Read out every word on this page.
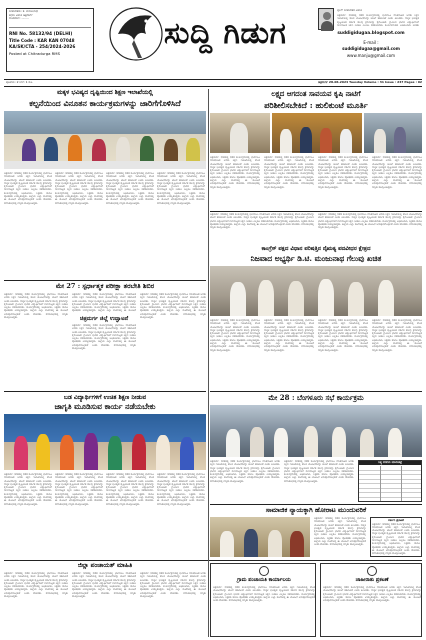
ಸಂಪಾದಕರು: ಕೆ. ಮಂಜುನಾಥ
ಕಛೇರಿ ವಿಳಾಸ ಚಿತ್ರದುರ್ಗ
ದೂರವಾಣಿ: ........
RNI No. 58132/94 (DELHI)
Title Code : KAR KAN 07048
KA/SK/CTA - 254/2024-2026
Posted at Chitradurga RMS
ಸುದ್ದಿ ಗಿಡುಗ
ಬ್ಲಾಗ್ ಸಂಪಾದಕರ ವಿಳಾಸ
ಚಿತ್ರದುರ್ಗ: ನಗರದಲ್ಲಿ ನಡೆದ ಕಾರ್ಯಕ್ರಮದಲ್ಲಿ ಭಾಗವಹಿಸಿ ಮಾತನಾಡಿದ ಅವರು ಶಿಕ್ಷಣ ಇಲಾಖೆಯಲ್ಲಿ ಹೊಸ ಯೋಜನೆಗಳನ್ನು ಜಾರಿಗೆ ತರಲಾಗಿದೆ ಎಂದು ತಿಳಿಸಿದರು. ಮಕ್ಕಳ ಭವಿಷ್ಯದ ದೃಷ್ಟಿಯಿಂದ ಸರ್ಕಾರ ಹಲವು ಕ್ರಮಗಳನ್ನು ಕೈಗೊಂಡಿದೆ. ಗ್ರಾಮೀಣ ಭಾಗದ ವಿದ್ಯಾರ್ಥಿಗಳಿಗೆ ಗುಣಮಟ್ಟದ ಶಿಕ್ಷಣ ನೀಡಲು ಎಲ್ಲರೂ ಸಹಕರಿಸಬೇಕು. ಕಾರ್ಯಕ್ರಮದಲ್ಲಿ ಅಧಿಕಾರಿಗಳು, ಶಿಕ್ಷಕರು
suddigidugaa.blogspot.com
E-mail :
suddigidugaa@gmail.com
www.manju@gmail.com
ಪುಟಗಳು: 2 ಬೆಲೆ: 1 ರೂ.	ಚಿತ್ರದುರ್ಗ 28-06-2024 Tuesday Volume : 31 Issue : 247 Pages : 02
ಮಕ್ಕಳ ಭವಿಷ್ಯದ ದೃಷ್ಟಿಯಿಂದ ಶಿಕ್ಷಣ ಇಲಾಖೆಯಲ್ಲಿ
ಕಲ್ಪನೆಯಿಂದ ವಿನೂತನ ಕಾರ್ಯಕ್ರಮಗಳನ್ನು ಜಾರಿಗೆಗೊಳಿಸಿದೆ
ಚಿತ್ರದುರ್ಗ: ನಗರದಲ್ಲಿ ನಡೆದ ಕಾರ್ಯಕ್ರಮದಲ್ಲಿ ಭಾಗವಹಿಸಿ ಮಾತನಾಡಿದ ಅವರು ಶಿಕ್ಷಣ ಇಲಾಖೆಯಲ್ಲಿ ಹೊಸ ಯೋಜನೆಗಳನ್ನು ಜಾರಿಗೆ ತರಲಾಗಿದೆ ಎಂದು ತಿಳಿಸಿದರು. ಮಕ್ಕಳ ಭವಿಷ್ಯದ ದೃಷ್ಟಿಯಿಂದ ಸರ್ಕಾರ ಹಲವು ಕ್ರಮಗಳನ್ನು ಕೈಗೊಂಡಿದೆ. ಗ್ರಾಮೀಣ ಭಾಗದ ವಿದ್ಯಾರ್ಥಿಗಳಿಗೆ ಗುಣಮಟ್ಟದ ಶಿಕ್ಷಣ ನೀಡಲು ಎಲ್ಲರೂ ಸಹಕರಿಸಬೇಕು. ಕಾರ್ಯಕ್ರಮದಲ್ಲಿ ಅಧಿಕಾರಿಗಳು, ಶಿಕ್ಷಕರು ಹಾಗೂ ಪೋಷಕರು ಉಪಸ್ಥಿತರಿದ್ದರು. ಜಿಲ್ಲೆಯ ಎಲ್ಲಾ ಶಾಲೆಗಳಲ್ಲಿ ಈ ಯೋಜನೆ ಅನುಷ್ಠಾನಗೊಳ್ಳಲಿದೆ ಎಂದು ಹೇಳಿದರು. ಸಮಾರಂಭದಲ್ಲಿ ಗಣ್ಯರು ಪಾಲ್ಗೊಂಡಿದ್ದರು.
ಚಿತ್ರದುರ್ಗ: ನಗರದಲ್ಲಿ ನಡೆದ ಕಾರ್ಯಕ್ರಮದಲ್ಲಿ ಭಾಗವಹಿಸಿ ಮಾತನಾಡಿದ ಅವರು ಶಿಕ್ಷಣ ಇಲಾಖೆಯಲ್ಲಿ ಹೊಸ ಯೋಜನೆಗಳನ್ನು ಜಾರಿಗೆ ತರಲಾಗಿದೆ ಎಂದು ತಿಳಿಸಿದರು. ಮಕ್ಕಳ ಭವಿಷ್ಯದ ದೃಷ್ಟಿಯಿಂದ ಸರ್ಕಾರ ಹಲವು ಕ್ರಮಗಳನ್ನು ಕೈಗೊಂಡಿದೆ. ಗ್ರಾಮೀಣ ಭಾಗದ ವಿದ್ಯಾರ್ಥಿಗಳಿಗೆ ಗುಣಮಟ್ಟದ ಶಿಕ್ಷಣ ನೀಡಲು ಎಲ್ಲರೂ ಸಹಕರಿಸಬೇಕು. ಕಾರ್ಯಕ್ರಮದಲ್ಲಿ ಅಧಿಕಾರಿಗಳು, ಶಿಕ್ಷಕರು ಹಾಗೂ ಪೋಷಕರು ಉಪಸ್ಥಿತರಿದ್ದರು. ಜಿಲ್ಲೆಯ ಎಲ್ಲಾ ಶಾಲೆಗಳಲ್ಲಿ ಈ ಯೋಜನೆ ಅನುಷ್ಠಾನಗೊಳ್ಳಲಿದೆ ಎಂದು ಹೇಳಿದರು. ಸಮಾರಂಭದಲ್ಲಿ ಗಣ್ಯರು ಪಾಲ್ಗೊಂಡಿದ್ದರು.
ಚಿತ್ರದುರ್ಗ: ನಗರದಲ್ಲಿ ನಡೆದ ಕಾರ್ಯಕ್ರಮದಲ್ಲಿ ಭಾಗವಹಿಸಿ ಮಾತನಾಡಿದ ಅವರು ಶಿಕ್ಷಣ ಇಲಾಖೆಯಲ್ಲಿ ಹೊಸ ಯೋಜನೆಗಳನ್ನು ಜಾರಿಗೆ ತರಲಾಗಿದೆ ಎಂದು ತಿಳಿಸಿದರು. ಮಕ್ಕಳ ಭವಿಷ್ಯದ ದೃಷ್ಟಿಯಿಂದ ಸರ್ಕಾರ ಹಲವು ಕ್ರಮಗಳನ್ನು ಕೈಗೊಂಡಿದೆ. ಗ್ರಾಮೀಣ ಭಾಗದ ವಿದ್ಯಾರ್ಥಿಗಳಿಗೆ ಗುಣಮಟ್ಟದ ಶಿಕ್ಷಣ ನೀಡಲು ಎಲ್ಲರೂ ಸಹಕರಿಸಬೇಕು. ಕಾರ್ಯಕ್ರಮದಲ್ಲಿ ಅಧಿಕಾರಿಗಳು, ಶಿಕ್ಷಕರು ಹಾಗೂ ಪೋಷಕರು ಉಪಸ್ಥಿತರಿದ್ದರು. ಜಿಲ್ಲೆಯ ಎಲ್ಲಾ ಶಾಲೆಗಳಲ್ಲಿ ಈ ಯೋಜನೆ ಅನುಷ್ಠಾನಗೊಳ್ಳಲಿದೆ ಎಂದು ಹೇಳಿದರು. ಸಮಾರಂಭದಲ್ಲಿ ಗಣ್ಯರು ಪಾಲ್ಗೊಂಡಿದ್ದರು.
ಚಿತ್ರದುರ್ಗ: ನಗರದಲ್ಲಿ ನಡೆದ ಕಾರ್ಯಕ್ರಮದಲ್ಲಿ ಭಾಗವಹಿಸಿ ಮಾತನಾಡಿದ ಅವರು ಶಿಕ್ಷಣ ಇಲಾಖೆಯಲ್ಲಿ ಹೊಸ ಯೋಜನೆಗಳನ್ನು ಜಾರಿಗೆ ತರಲಾಗಿದೆ ಎಂದು ತಿಳಿಸಿದರು. ಮಕ್ಕಳ ಭವಿಷ್ಯದ ದೃಷ್ಟಿಯಿಂದ ಸರ್ಕಾರ ಹಲವು ಕ್ರಮಗಳನ್ನು ಕೈಗೊಂಡಿದೆ. ಗ್ರಾಮೀಣ ಭಾಗದ ವಿದ್ಯಾರ್ಥಿಗಳಿಗೆ ಗುಣಮಟ್ಟದ ಶಿಕ್ಷಣ ನೀಡಲು ಎಲ್ಲರೂ ಸಹಕರಿಸಬೇಕು. ಕಾರ್ಯಕ್ರಮದಲ್ಲಿ ಅಧಿಕಾರಿಗಳು, ಶಿಕ್ಷಕರು ಹಾಗೂ ಪೋಷಕರು ಉಪಸ್ಥಿತರಿದ್ದರು. ಜಿಲ್ಲೆಯ ಎಲ್ಲಾ ಶಾಲೆಗಳಲ್ಲಿ ಈ ಯೋಜನೆ ಅನುಷ್ಠಾನಗೊಳ್ಳಲಿದೆ ಎಂದು ಹೇಳಿದರು. ಸಮಾರಂಭದಲ್ಲಿ ಗಣ್ಯರು ಪಾಲ್ಗೊಂಡಿದ್ದರು.
ಲಕ್ಷ್ಯದ ಆಗದಂತ ಸಾವಯವ ಕೃಷಿ ನಾಟಿಗೆ
ಪರಿಶೀಲಿಸಬೇಕಿದೆ : ಹುಲಿಕುಂಟೆ ಮೂರ್ತಿ
ಚಿತ್ರದುರ್ಗ: ನಗರದಲ್ಲಿ ನಡೆದ ಕಾರ್ಯಕ್ರಮದಲ್ಲಿ ಭಾಗವಹಿಸಿ ಮಾತನಾಡಿದ ಅವರು ಶಿಕ್ಷಣ ಇಲಾಖೆಯಲ್ಲಿ ಹೊಸ ಯೋಜನೆಗಳನ್ನು ಜಾರಿಗೆ ತರಲಾಗಿದೆ ಎಂದು ತಿಳಿಸಿದರು. ಮಕ್ಕಳ ಭವಿಷ್ಯದ ದೃಷ್ಟಿಯಿಂದ ಸರ್ಕಾರ ಹಲವು ಕ್ರಮಗಳನ್ನು ಕೈಗೊಂಡಿದೆ. ಗ್ರಾಮೀಣ ಭಾಗದ ವಿದ್ಯಾರ್ಥಿಗಳಿಗೆ ಗುಣಮಟ್ಟದ ಶಿಕ್ಷಣ ನೀಡಲು ಎಲ್ಲರೂ ಸಹಕರಿಸಬೇಕು. ಕಾರ್ಯಕ್ರಮದಲ್ಲಿ ಅಧಿಕಾರಿಗಳು, ಶಿಕ್ಷಕರು ಹಾಗೂ ಪೋಷಕರು ಉಪಸ್ಥಿತರಿದ್ದರು. ಜಿಲ್ಲೆಯ ಎಲ್ಲಾ ಶಾಲೆಗಳಲ್ಲಿ ಈ ಯೋಜನೆ ಅನುಷ್ಠಾನಗೊಳ್ಳಲಿದೆ ಎಂದು ಹೇಳಿದರು. ಸಮಾರಂಭದಲ್ಲಿ ಗಣ್ಯರು ಪಾಲ್ಗೊಂಡಿದ್ದರು.
ಚಿತ್ರದುರ್ಗ: ನಗರದಲ್ಲಿ ನಡೆದ ಕಾರ್ಯಕ್ರಮದಲ್ಲಿ ಭಾಗವಹಿಸಿ ಮಾತನಾಡಿದ ಅವರು ಶಿಕ್ಷಣ ಇಲಾಖೆಯಲ್ಲಿ ಹೊಸ ಯೋಜನೆಗಳನ್ನು ಜಾರಿಗೆ ತರಲಾಗಿದೆ ಎಂದು ತಿಳಿಸಿದರು. ಮಕ್ಕಳ ಭವಿಷ್ಯದ ದೃಷ್ಟಿಯಿಂದ ಸರ್ಕಾರ ಹಲವು ಕ್ರಮಗಳನ್ನು ಕೈಗೊಂಡಿದೆ. ಗ್ರಾಮೀಣ ಭಾಗದ ವಿದ್ಯಾರ್ಥಿಗಳಿಗೆ ಗುಣಮಟ್ಟದ ಶಿಕ್ಷಣ ನೀಡಲು ಎಲ್ಲರೂ ಸಹಕರಿಸಬೇಕು. ಕಾರ್ಯಕ್ರಮದಲ್ಲಿ ಅಧಿಕಾರಿಗಳು, ಶಿಕ್ಷಕರು ಹಾಗೂ ಪೋಷಕರು ಉಪಸ್ಥಿತರಿದ್ದರು. ಜಿಲ್ಲೆಯ ಎಲ್ಲಾ ಶಾಲೆಗಳಲ್ಲಿ ಈ ಯೋಜನೆ ಅನುಷ್ಠಾನಗೊಳ್ಳಲಿದೆ ಎಂದು ಹೇಳಿದರು. ಸಮಾರಂಭದಲ್ಲಿ ಗಣ್ಯರು ಪಾಲ್ಗೊಂಡಿದ್ದರು.
ಚಿತ್ರದುರ್ಗ: ನಗರದಲ್ಲಿ ನಡೆದ ಕಾರ್ಯಕ್ರಮದಲ್ಲಿ ಭಾಗವಹಿಸಿ ಮಾತನಾಡಿದ ಅವರು ಶಿಕ್ಷಣ ಇಲಾಖೆಯಲ್ಲಿ ಹೊಸ ಯೋಜನೆಗಳನ್ನು ಜಾರಿಗೆ ತರಲಾಗಿದೆ ಎಂದು ತಿಳಿಸಿದರು. ಮಕ್ಕಳ ಭವಿಷ್ಯದ ದೃಷ್ಟಿಯಿಂದ ಸರ್ಕಾರ ಹಲವು ಕ್ರಮಗಳನ್ನು ಕೈಗೊಂಡಿದೆ. ಗ್ರಾಮೀಣ ಭಾಗದ ವಿದ್ಯಾರ್ಥಿಗಳಿಗೆ ಗುಣಮಟ್ಟದ ಶಿಕ್ಷಣ ನೀಡಲು ಎಲ್ಲರೂ ಸಹಕರಿಸಬೇಕು. ಕಾರ್ಯಕ್ರಮದಲ್ಲಿ ಅಧಿಕಾರಿಗಳು, ಶಿಕ್ಷಕರು ಹಾಗೂ ಪೋಷಕರು ಉಪಸ್ಥಿತರಿದ್ದರು. ಜಿಲ್ಲೆಯ ಎಲ್ಲಾ ಶಾಲೆಗಳಲ್ಲಿ ಈ ಯೋಜನೆ ಅನುಷ್ಠಾನಗೊಳ್ಳಲಿದೆ ಎಂದು ಹೇಳಿದರು. ಸಮಾರಂಭದಲ್ಲಿ ಗಣ್ಯರು ಪಾಲ್ಗೊಂಡಿದ್ದರು.
ಚಿತ್ರದುರ್ಗ: ನಗರದಲ್ಲಿ ನಡೆದ ಕಾರ್ಯಕ್ರಮದಲ್ಲಿ ಭಾಗವಹಿಸಿ ಮಾತನಾಡಿದ ಅವರು ಶಿಕ್ಷಣ ಇಲಾಖೆಯಲ್ಲಿ ಹೊಸ ಯೋಜನೆಗಳನ್ನು ಜಾರಿಗೆ ತರಲಾಗಿದೆ ಎಂದು ತಿಳಿಸಿದರು. ಮಕ್ಕಳ ಭವಿಷ್ಯದ ದೃಷ್ಟಿಯಿಂದ ಸರ್ಕಾರ ಹಲವು ಕ್ರಮಗಳನ್ನು ಕೈಗೊಂಡಿದೆ. ಗ್ರಾಮೀಣ ಭಾಗದ ವಿದ್ಯಾರ್ಥಿಗಳಿಗೆ ಗುಣಮಟ್ಟದ ಶಿಕ್ಷಣ ನೀಡಲು ಎಲ್ಲರೂ ಸಹಕರಿಸಬೇಕು. ಕಾರ್ಯಕ್ರಮದಲ್ಲಿ ಅಧಿಕಾರಿಗಳು, ಶಿಕ್ಷಕರು ಹಾಗೂ ಪೋಷಕರು ಉಪಸ್ಥಿತರಿದ್ದರು. ಜಿಲ್ಲೆಯ ಎಲ್ಲಾ ಶಾಲೆಗಳಲ್ಲಿ ಈ ಯೋಜನೆ ಅನುಷ್ಠಾನಗೊಳ್ಳಲಿದೆ ಎಂದು ಹೇಳಿದರು. ಸಮಾರಂಭದಲ್ಲಿ ಗಣ್ಯರು ಪಾಲ್ಗೊಂಡಿದ್ದರು.
ಮೇ 27 : ಸ್ಪರ್ಧಾತ್ಮಕ ಪರೀಕ್ಷಾ ತರಬೇತಿ ಶಿಬಿರ
ಚಿತ್ರದುರ್ಗ: ನಗರದಲ್ಲಿ ನಡೆದ ಕಾರ್ಯಕ್ರಮದಲ್ಲಿ ಭಾಗವಹಿಸಿ ಮಾತನಾಡಿದ ಅವರು ಶಿಕ್ಷಣ ಇಲಾಖೆಯಲ್ಲಿ ಹೊಸ ಯೋಜನೆಗಳನ್ನು ಜಾರಿಗೆ ತರಲಾಗಿದೆ ಎಂದು ತಿಳಿಸಿದರು. ಮಕ್ಕಳ ಭವಿಷ್ಯದ ದೃಷ್ಟಿಯಿಂದ ಸರ್ಕಾರ ಹಲವು ಕ್ರಮಗಳನ್ನು ಕೈಗೊಂಡಿದೆ. ಗ್ರಾಮೀಣ ಭಾಗದ ವಿದ್ಯಾರ್ಥಿಗಳಿಗೆ ಗುಣಮಟ್ಟದ ಶಿಕ್ಷಣ ನೀಡಲು ಎಲ್ಲರೂ ಸಹಕರಿಸಬೇಕು. ಕಾರ್ಯಕ್ರಮದಲ್ಲಿ ಅಧಿಕಾರಿಗಳು, ಶಿಕ್ಷಕರು ಹಾಗೂ ಪೋಷಕರು ಉಪಸ್ಥಿತರಿದ್ದರು. ಜಿಲ್ಲೆಯ ಎಲ್ಲಾ ಶಾಲೆಗಳಲ್ಲಿ ಈ ಯೋಜನೆ ಅನುಷ್ಠಾನಗೊಳ್ಳಲಿದೆ ಎಂದು ಹೇಳಿದರು. ಸಮಾರಂಭದಲ್ಲಿ ಗಣ್ಯರು ಪಾಲ್ಗೊಂಡಿದ್ದರು.
ಚಿತ್ರದುರ್ಗ: ನಗರದಲ್ಲಿ ನಡೆದ ಕಾರ್ಯಕ್ರಮದಲ್ಲಿ ಭಾಗವಹಿಸಿ ಮಾತನಾಡಿದ ಅವರು ಶಿಕ್ಷಣ ಇಲಾಖೆಯಲ್ಲಿ ಹೊಸ ಯೋಜನೆಗಳನ್ನು ಜಾರಿಗೆ ತರಲಾಗಿದೆ ಎಂದು ತಿಳಿಸಿದರು. ಮಕ್ಕಳ ಭವಿಷ್ಯದ ದೃಷ್ಟಿಯಿಂದ ಸರ್ಕಾರ ಹಲವು ಕ್ರಮಗಳನ್ನು ಕೈಗೊಂಡಿದೆ. ಗ್ರಾಮೀಣ ಭಾಗದ ವಿದ್ಯಾರ್ಥಿಗಳಿಗೆ ಗುಣಮಟ್ಟದ ಶಿಕ್ಷಣ ನೀಡಲು ಎಲ್ಲರೂ ಸಹಕರಿಸಬೇಕು. ಕಾರ್ಯಕ್ರಮದಲ್ಲಿ ಅಧಿಕಾರಿಗಳು, ಶಿಕ್ಷಕರು ಹಾಗೂ ಪೋಷಕರು ಉಪಸ್ಥಿತರಿದ್ದರು. ಜಿಲ್ಲೆಯ ಎಲ್ಲಾ ಶಾಲೆಗಳಲ್ಲಿ ಈ ಯೋಜನೆ
ಚಿತ್ರದುರ್ಗ ಜಿಲ್ಲೆ ಉದ್ಘಾಟನೆ
ಚಿತ್ರದುರ್ಗ: ನಗರದಲ್ಲಿ ನಡೆದ ಕಾರ್ಯಕ್ರಮದಲ್ಲಿ ಭಾಗವಹಿಸಿ ಮಾತನಾಡಿದ ಅವರು ಶಿಕ್ಷಣ ಇಲಾಖೆಯಲ್ಲಿ ಹೊಸ ಯೋಜನೆಗಳನ್ನು ಜಾರಿಗೆ ತರಲಾಗಿದೆ ಎಂದು ತಿಳಿಸಿದರು. ಮಕ್ಕಳ ಭವಿಷ್ಯದ ದೃಷ್ಟಿಯಿಂದ ಸರ್ಕಾರ ಹಲವು ಕ್ರಮಗಳನ್ನು ಕೈಗೊಂಡಿದೆ. ಗ್ರಾಮೀಣ ಭಾಗದ ವಿದ್ಯಾರ್ಥಿಗಳಿಗೆ ಗುಣಮಟ್ಟದ ಶಿಕ್ಷಣ ನೀಡಲು ಎಲ್ಲರೂ ಸಹಕರಿಸಬೇಕು. ಕಾರ್ಯಕ್ರಮದಲ್ಲಿ ಅಧಿಕಾರಿಗಳು, ಶಿಕ್ಷಕರು ಹಾಗೂ ಪೋಷಕರು ಉಪಸ್ಥಿತರಿದ್ದರು. ಜಿಲ್ಲೆಯ ಎಲ್ಲಾ ಶಾಲೆಗಳಲ್ಲಿ ಈ ಯೋಜನೆ ಅನುಷ್ಠಾನಗೊಳ್ಳಲಿದೆ ಎಂದು ಹೇಳಿದರು. ಸಮಾರಂಭದಲ್ಲಿ ಗಣ್ಯರು ಪಾಲ್ಗೊಂಡಿದ್ದರು.
ಚಿತ್ರದುರ್ಗ: ನಗರದಲ್ಲಿ ನಡೆದ ಕಾರ್ಯಕ್ರಮದಲ್ಲಿ ಭಾಗವಹಿಸಿ ಮಾತನಾಡಿದ ಅವರು ಶಿಕ್ಷಣ ಇಲಾಖೆಯಲ್ಲಿ ಹೊಸ ಯೋಜನೆಗಳನ್ನು ಜಾರಿಗೆ ತರಲಾಗಿದೆ ಎಂದು ತಿಳಿಸಿದರು. ಮಕ್ಕಳ ಭವಿಷ್ಯದ ದೃಷ್ಟಿಯಿಂದ ಸರ್ಕಾರ ಹಲವು ಕ್ರಮಗಳನ್ನು ಕೈಗೊಂಡಿದೆ. ಗ್ರಾಮೀಣ ಭಾಗದ ವಿದ್ಯಾರ್ಥಿಗಳಿಗೆ ಗುಣಮಟ್ಟದ ಶಿಕ್ಷಣ ನೀಡಲು ಎಲ್ಲರೂ ಸಹಕರಿಸಬೇಕು. ಕಾರ್ಯಕ್ರಮದಲ್ಲಿ ಅಧಿಕಾರಿಗಳು, ಶಿಕ್ಷಕರು ಹಾಗೂ ಪೋಷಕರು ಉಪಸ್ಥಿತರಿದ್ದರು. ಜಿಲ್ಲೆಯ ಎಲ್ಲಾ ಶಾಲೆಗಳಲ್ಲಿ ಈ ಯೋಜನೆ ಅನುಷ್ಠಾನಗೊಳ್ಳಲಿದೆ ಎಂದು ಹೇಳಿದರು. ಸಮಾರಂಭದಲ್ಲಿ ಗಣ್ಯರು ಪಾಲ್ಗೊಂಡಿದ್ದರು.
ಚಿತ್ರದುರ್ಗ: ನಗರದಲ್ಲಿ ನಡೆದ ಕಾರ್ಯಕ್ರಮದಲ್ಲಿ ಭಾಗವಹಿಸಿ ಮಾತನಾಡಿದ ಅವರು ಶಿಕ್ಷಣ ಇಲಾಖೆಯಲ್ಲಿ ಹೊಸ ಯೋಜನೆಗಳನ್ನು ಜಾರಿಗೆ ತರಲಾಗಿದೆ ಎಂದು ತಿಳಿಸಿದರು. ಮಕ್ಕಳ ಭವಿಷ್ಯದ ದೃಷ್ಟಿಯಿಂದ ಸರ್ಕಾರ ಹಲವು ಕ್ರಮಗಳನ್ನು ಕೈಗೊಂಡಿದೆ. ಗ್ರಾಮೀಣ ಭಾಗದ ವಿದ್ಯಾರ್ಥಿಗಳಿಗೆ ಗುಣಮಟ್ಟದ ಶಿಕ್ಷಣ ನೀಡಲು ಎಲ್ಲರೂ ಸಹಕರಿಸಬೇಕು. ಕಾರ್ಯಕ್ರಮದಲ್ಲಿ ಅಧಿಕಾರಿಗಳು, ಶಿಕ್ಷಕರು ಹಾಗೂ ಪೋಷಕರು ಉಪಸ್ಥಿತರಿದ್ದರು. ಜಿಲ್ಲೆಯ ಎಲ್ಲಾ ಶಾಲೆಗಳಲ್ಲಿ ಈ ಯೋಜನೆ ಅನುಷ್ಠಾನಗೊಳ್ಳಲಿದೆ ಎಂದು ಹೇಳಿದರು. ಸಮಾರಂಭದಲ್ಲಿ ಗಣ್ಯರು ಪಾಲ್ಗೊಂಡಿದ್ದರು.
ಚಿತ್ರದುರ್ಗ: ನಗರದಲ್ಲಿ ನಡೆದ ಕಾರ್ಯಕ್ರಮದಲ್ಲಿ ಭಾಗವಹಿಸಿ ಮಾತನಾಡಿದ ಅವರು ಶಿಕ್ಷಣ ಇಲಾಖೆಯಲ್ಲಿ ಹೊಸ ಯೋಜನೆಗಳನ್ನು ಜಾರಿಗೆ ತರಲಾಗಿದೆ ಎಂದು ತಿಳಿಸಿದರು. ಮಕ್ಕಳ ಭವಿಷ್ಯದ ದೃಷ್ಟಿಯಿಂದ ಸರ್ಕಾರ ಹಲವು ಕ್ರಮಗಳನ್ನು ಕೈಗೊಂಡಿದೆ. ಗ್ರಾಮೀಣ ಭಾಗದ ವಿದ್ಯಾರ್ಥಿಗಳಿಗೆ ಗುಣಮಟ್ಟದ ಶಿಕ್ಷಣ ನೀಡಲು ಎಲ್ಲರೂ ಸಹಕರಿಸಬೇಕು. ಕಾರ್ಯಕ್ರಮದಲ್ಲಿ ಅಧಿಕಾರಿಗಳು, ಶಿಕ್ಷಕರು ಹಾಗೂ ಪೋಷಕರು ಉಪಸ್ಥಿತರಿದ್ದರು. ಜಿಲ್ಲೆಯ ಎಲ್ಲಾ ಶಾಲೆಗಳಲ್ಲಿ ಈ ಯೋಜನೆ ಅನುಷ್ಠಾನಗೊಳ್ಳಲಿದೆ ಎಂದು ಹೇಳಿದರು. ಸಮಾರಂಭದಲ್ಲಿ ಗಣ್ಯರು ಪಾಲ್ಗೊಂಡಿದ್ದರು.
ಕಾಂಗ್ರೆಸ್ ಪಕ್ಷದ ವಿಧಾನ ಪರಿಷತ್ತಿನ ನೈಋತ್ಯ ಪದವೀಧರ ಕ್ಷೇತ್ರದ
ನಿಜವಾದ ಅಭ್ಯರ್ಥಿ ಡಿ.ಟಿ. ಮಂಜುನಾಥ ಗೆಲುವು ಖಚಿತ
ಚಿತ್ರದುರ್ಗ: ನಗರದಲ್ಲಿ ನಡೆದ ಕಾರ್ಯಕ್ರಮದಲ್ಲಿ ಭಾಗವಹಿಸಿ ಮಾತನಾಡಿದ ಅವರು ಶಿಕ್ಷಣ ಇಲಾಖೆಯಲ್ಲಿ ಹೊಸ ಯೋಜನೆಗಳನ್ನು ಜಾರಿಗೆ ತರಲಾಗಿದೆ ಎಂದು ತಿಳಿಸಿದರು. ಮಕ್ಕಳ ಭವಿಷ್ಯದ ದೃಷ್ಟಿಯಿಂದ ಸರ್ಕಾರ ಹಲವು ಕ್ರಮಗಳನ್ನು ಕೈಗೊಂಡಿದೆ. ಗ್ರಾಮೀಣ ಭಾಗದ ವಿದ್ಯಾರ್ಥಿಗಳಿಗೆ ಗುಣಮಟ್ಟದ ಶಿಕ್ಷಣ ನೀಡಲು ಎಲ್ಲರೂ ಸಹಕರಿಸಬೇಕು. ಕಾರ್ಯಕ್ರಮದಲ್ಲಿ ಅಧಿಕಾರಿಗಳು, ಶಿಕ್ಷಕರು ಹಾಗೂ ಪೋಷಕರು ಉಪಸ್ಥಿತರಿದ್ದರು. ಜಿಲ್ಲೆಯ ಎಲ್ಲಾ ಶಾಲೆಗಳಲ್ಲಿ ಈ ಯೋಜನೆ ಅನುಷ್ಠಾನಗೊಳ್ಳಲಿದೆ ಎಂದು ಹೇಳಿದರು. ಸಮಾರಂಭದಲ್ಲಿ ಗಣ್ಯರು ಪಾಲ್ಗೊಂಡಿದ್ದರು.
ಚಿತ್ರದುರ್ಗ: ನಗರದಲ್ಲಿ ನಡೆದ ಕಾರ್ಯಕ್ರಮದಲ್ಲಿ ಭಾಗವಹಿಸಿ ಮಾತನಾಡಿದ ಅವರು ಶಿಕ್ಷಣ ಇಲಾಖೆಯಲ್ಲಿ ಹೊಸ ಯೋಜನೆಗಳನ್ನು ಜಾರಿಗೆ ತರಲಾಗಿದೆ ಎಂದು ತಿಳಿಸಿದರು. ಮಕ್ಕಳ ಭವಿಷ್ಯದ ದೃಷ್ಟಿಯಿಂದ ಸರ್ಕಾರ ಹಲವು ಕ್ರಮಗಳನ್ನು ಕೈಗೊಂಡಿದೆ. ಗ್ರಾಮೀಣ ಭಾಗದ ವಿದ್ಯಾರ್ಥಿಗಳಿಗೆ ಗುಣಮಟ್ಟದ ಶಿಕ್ಷಣ ನೀಡಲು ಎಲ್ಲರೂ ಸಹಕರಿಸಬೇಕು. ಕಾರ್ಯಕ್ರಮದಲ್ಲಿ ಅಧಿಕಾರಿಗಳು, ಶಿಕ್ಷಕರು ಹಾಗೂ ಪೋಷಕರು ಉಪಸ್ಥಿತರಿದ್ದರು. ಜಿಲ್ಲೆಯ ಎಲ್ಲಾ ಶಾಲೆಗಳಲ್ಲಿ ಈ ಯೋಜನೆ ಅನುಷ್ಠಾನಗೊಳ್ಳಲಿದೆ ಎಂದು ಹೇಳಿದರು. ಸಮಾರಂಭದಲ್ಲಿ ಗಣ್ಯರು ಪಾಲ್ಗೊಂಡಿದ್ದರು.
ಚಿತ್ರದುರ್ಗ: ನಗರದಲ್ಲಿ ನಡೆದ ಕಾರ್ಯಕ್ರಮದಲ್ಲಿ ಭಾಗವಹಿಸಿ ಮಾತನಾಡಿದ ಅವರು ಶಿಕ್ಷಣ ಇಲಾಖೆಯಲ್ಲಿ ಹೊಸ ಯೋಜನೆಗಳನ್ನು ಜಾರಿಗೆ ತರಲಾಗಿದೆ ಎಂದು ತಿಳಿಸಿದರು. ಮಕ್ಕಳ ಭವಿಷ್ಯದ ದೃಷ್ಟಿಯಿಂದ ಸರ್ಕಾರ ಹಲವು ಕ್ರಮಗಳನ್ನು ಕೈಗೊಂಡಿದೆ. ಗ್ರಾಮೀಣ ಭಾಗದ ವಿದ್ಯಾರ್ಥಿಗಳಿಗೆ ಗುಣಮಟ್ಟದ ಶಿಕ್ಷಣ ನೀಡಲು ಎಲ್ಲರೂ ಸಹಕರಿಸಬೇಕು. ಕಾರ್ಯಕ್ರಮದಲ್ಲಿ ಅಧಿಕಾರಿಗಳು, ಶಿಕ್ಷಕರು ಹಾಗೂ ಪೋಷಕರು ಉಪಸ್ಥಿತರಿದ್ದರು. ಜಿಲ್ಲೆಯ ಎಲ್ಲಾ ಶಾಲೆಗಳಲ್ಲಿ ಈ ಯೋಜನೆ ಅನುಷ್ಠಾನಗೊಳ್ಳಲಿದೆ ಎಂದು ಹೇಳಿದರು. ಸಮಾರಂಭದಲ್ಲಿ ಗಣ್ಯರು ಪಾಲ್ಗೊಂಡಿದ್ದರು.
ಚಿತ್ರದುರ್ಗ: ನಗರದಲ್ಲಿ ನಡೆದ ಕಾರ್ಯಕ್ರಮದಲ್ಲಿ ಭಾಗವಹಿಸಿ ಮಾತನಾಡಿದ ಅವರು ಶಿಕ್ಷಣ ಇಲಾಖೆಯಲ್ಲಿ ಹೊಸ ಯೋಜನೆಗಳನ್ನು ಜಾರಿಗೆ ತರಲಾಗಿದೆ ಎಂದು ತಿಳಿಸಿದರು. ಮಕ್ಕಳ ಭವಿಷ್ಯದ ದೃಷ್ಟಿಯಿಂದ ಸರ್ಕಾರ ಹಲವು ಕ್ರಮಗಳನ್ನು ಕೈಗೊಂಡಿದೆ. ಗ್ರಾಮೀಣ ಭಾಗದ ವಿದ್ಯಾರ್ಥಿಗಳಿಗೆ ಗುಣಮಟ್ಟದ ಶಿಕ್ಷಣ ನೀಡಲು ಎಲ್ಲರೂ ಸಹಕರಿಸಬೇಕು. ಕಾರ್ಯಕ್ರಮದಲ್ಲಿ ಅಧಿಕಾರಿಗಳು, ಶಿಕ್ಷಕರು ಹಾಗೂ ಪೋಷಕರು ಉಪಸ್ಥಿತರಿದ್ದರು. ಜಿಲ್ಲೆಯ ಎಲ್ಲಾ ಶಾಲೆಗಳಲ್ಲಿ ಈ ಯೋಜನೆ ಅನುಷ್ಠಾನಗೊಳ್ಳಲಿದೆ ಎಂದು ಹೇಳಿದರು. ಸಮಾರಂಭದಲ್ಲಿ ಗಣ್ಯರು ಪಾಲ್ಗೊಂಡಿದ್ದರು.
ಮೇ 28 : ಬೆಂಗಳೂರು ಸಭೆ ಕಾರ್ಯಕ್ರಮ
ಚಿತ್ರದುರ್ಗ: ನಗರದಲ್ಲಿ ನಡೆದ ಕಾರ್ಯಕ್ರಮದಲ್ಲಿ ಭಾಗವಹಿಸಿ ಮಾತನಾಡಿದ ಅವರು ಶಿಕ್ಷಣ ಇಲಾಖೆಯಲ್ಲಿ ಹೊಸ ಯೋಜನೆಗಳನ್ನು ಜಾರಿಗೆ ತರಲಾಗಿದೆ ಎಂದು ತಿಳಿಸಿದರು. ಮಕ್ಕಳ ಭವಿಷ್ಯದ ದೃಷ್ಟಿಯಿಂದ ಸರ್ಕಾರ ಹಲವು ಕ್ರಮಗಳನ್ನು ಕೈಗೊಂಡಿದೆ. ಗ್ರಾಮೀಣ ಭಾಗದ ವಿದ್ಯಾರ್ಥಿಗಳಿಗೆ ಗುಣಮಟ್ಟದ ಶಿಕ್ಷಣ ನೀಡಲು ಎಲ್ಲರೂ ಸಹಕರಿಸಬೇಕು. ಕಾರ್ಯಕ್ರಮದಲ್ಲಿ ಅಧಿಕಾರಿಗಳು, ಶಿಕ್ಷಕರು ಹಾಗೂ ಪೋಷಕರು ಉಪಸ್ಥಿತರಿದ್ದರು. ಜಿಲ್ಲೆಯ ಎಲ್ಲಾ ಶಾಲೆಗಳಲ್ಲಿ ಈ ಯೋಜನೆ ಅನುಷ್ಠಾನಗೊಳ್ಳಲಿದೆ ಎಂದು ಹೇಳಿದರು. ಸಮಾರಂಭದಲ್ಲಿ ಗಣ್ಯರು ಪಾಲ್ಗೊಂಡಿದ್ದರು.
ಚಿತ್ರದುರ್ಗ: ನಗರದಲ್ಲಿ ನಡೆದ ಕಾರ್ಯಕ್ರಮದಲ್ಲಿ ಭಾಗವಹಿಸಿ ಮಾತನಾಡಿದ ಅವರು ಶಿಕ್ಷಣ ಇಲಾಖೆಯಲ್ಲಿ ಹೊಸ ಯೋಜನೆಗಳನ್ನು ಜಾರಿಗೆ ತರಲಾಗಿದೆ ಎಂದು ತಿಳಿಸಿದರು. ಮಕ್ಕಳ ಭವಿಷ್ಯದ ದೃಷ್ಟಿಯಿಂದ ಸರ್ಕಾರ ಹಲವು ಕ್ರಮಗಳನ್ನು ಕೈಗೊಂಡಿದೆ. ಗ್ರಾಮೀಣ ಭಾಗದ ವಿದ್ಯಾರ್ಥಿಗಳಿಗೆ ಗುಣಮಟ್ಟದ ಶಿಕ್ಷಣ ನೀಡಲು ಎಲ್ಲರೂ ಸಹಕರಿಸಬೇಕು. ಕಾರ್ಯಕ್ರಮದಲ್ಲಿ ಅಧಿಕಾರಿಗಳು, ಶಿಕ್ಷಕರು ಹಾಗೂ ಪೋಷಕರು ಉಪಸ್ಥಿತರಿದ್ದರು. ಜಿಲ್ಲೆಯ ಎಲ್ಲಾ ಶಾಲೆಗಳಲ್ಲಿ ಈ ಯೋಜನೆ ಅನುಷ್ಠಾನಗೊಳ್ಳಲಿದೆ ಎಂದು ಹೇಳಿದರು. ಸಮಾರಂಭದಲ್ಲಿ ಗಣ್ಯರು ಪಾಲ್ಗೊಂಡಿದ್ದರು.
ನಿತ್ಯ ದರಗಳು ಮಾರುಕಟ್ಟೆ
ಬಡ ವಿದ್ಯಾರ್ಥಿಗಳಿಗೆ ಉಚಿತ ಶಿಕ್ಷಣ ನೀಡುವ
ಜಾಗೃತಿ ಮೂಡಿಸುವ ಕಾರ್ಯ ನಡೆಯಬೇಕು
ಚಿತ್ರದುರ್ಗ: ನಗರದಲ್ಲಿ ನಡೆದ ಕಾರ್ಯಕ್ರಮದಲ್ಲಿ ಭಾಗವಹಿಸಿ ಮಾತನಾಡಿದ ಅವರು ಶಿಕ್ಷಣ ಇಲಾಖೆಯಲ್ಲಿ ಹೊಸ ಯೋಜನೆಗಳನ್ನು ಜಾರಿಗೆ ತರಲಾಗಿದೆ ಎಂದು ತಿಳಿಸಿದರು. ಮಕ್ಕಳ ಭವಿಷ್ಯದ ದೃಷ್ಟಿಯಿಂದ ಸರ್ಕಾರ ಹಲವು ಕ್ರಮಗಳನ್ನು ಕೈಗೊಂಡಿದೆ. ಗ್ರಾಮೀಣ ಭಾಗದ ವಿದ್ಯಾರ್ಥಿಗಳಿಗೆ ಗುಣಮಟ್ಟದ ಶಿಕ್ಷಣ ನೀಡಲು ಎಲ್ಲರೂ ಸಹಕರಿಸಬೇಕು. ಕಾರ್ಯಕ್ರಮದಲ್ಲಿ ಅಧಿಕಾರಿಗಳು, ಶಿಕ್ಷಕರು ಹಾಗೂ ಪೋಷಕರು ಉಪಸ್ಥಿತರಿದ್ದರು. ಜಿಲ್ಲೆಯ ಎಲ್ಲಾ ಶಾಲೆಗಳಲ್ಲಿ ಈ ಯೋಜನೆ ಅನುಷ್ಠಾನಗೊಳ್ಳಲಿದೆ ಎಂದು ಹೇಳಿದರು. ಸಮಾರಂಭದಲ್ಲಿ ಗಣ್ಯರು ಪಾಲ್ಗೊಂಡಿದ್ದರು.
ಚಿತ್ರದುರ್ಗ: ನಗರದಲ್ಲಿ ನಡೆದ ಕಾರ್ಯಕ್ರಮದಲ್ಲಿ ಭಾಗವಹಿಸಿ ಮಾತನಾಡಿದ ಅವರು ಶಿಕ್ಷಣ ಇಲಾಖೆಯಲ್ಲಿ ಹೊಸ ಯೋಜನೆಗಳನ್ನು ಜಾರಿಗೆ ತರಲಾಗಿದೆ ಎಂದು ತಿಳಿಸಿದರು. ಮಕ್ಕಳ ಭವಿಷ್ಯದ ದೃಷ್ಟಿಯಿಂದ ಸರ್ಕಾರ ಹಲವು ಕ್ರಮಗಳನ್ನು ಕೈಗೊಂಡಿದೆ. ಗ್ರಾಮೀಣ ಭಾಗದ ವಿದ್ಯಾರ್ಥಿಗಳಿಗೆ ಗುಣಮಟ್ಟದ ಶಿಕ್ಷಣ ನೀಡಲು ಎಲ್ಲರೂ ಸಹಕರಿಸಬೇಕು. ಕಾರ್ಯಕ್ರಮದಲ್ಲಿ ಅಧಿಕಾರಿಗಳು, ಶಿಕ್ಷಕರು ಹಾಗೂ ಪೋಷಕರು ಉಪಸ್ಥಿತರಿದ್ದರು. ಜಿಲ್ಲೆಯ ಎಲ್ಲಾ ಶಾಲೆಗಳಲ್ಲಿ ಈ ಯೋಜನೆ ಅನುಷ್ಠಾನಗೊಳ್ಳಲಿದೆ ಎಂದು ಹೇಳಿದರು. ಸಮಾರಂಭದಲ್ಲಿ ಗಣ್ಯರು ಪಾಲ್ಗೊಂಡಿದ್ದರು.
ಚಿತ್ರದುರ್ಗ: ನಗರದಲ್ಲಿ ನಡೆದ ಕಾರ್ಯಕ್ರಮದಲ್ಲಿ ಭಾಗವಹಿಸಿ ಮಾತನಾಡಿದ ಅವರು ಶಿಕ್ಷಣ ಇಲಾಖೆಯಲ್ಲಿ ಹೊಸ ಯೋಜನೆಗಳನ್ನು ಜಾರಿಗೆ ತರಲಾಗಿದೆ ಎಂದು ತಿಳಿಸಿದರು. ಮಕ್ಕಳ ಭವಿಷ್ಯದ ದೃಷ್ಟಿಯಿಂದ ಸರ್ಕಾರ ಹಲವು ಕ್ರಮಗಳನ್ನು ಕೈಗೊಂಡಿದೆ. ಗ್ರಾಮೀಣ ಭಾಗದ ವಿದ್ಯಾರ್ಥಿಗಳಿಗೆ ಗುಣಮಟ್ಟದ ಶಿಕ್ಷಣ ನೀಡಲು ಎಲ್ಲರೂ ಸಹಕರಿಸಬೇಕು. ಕಾರ್ಯಕ್ರಮದಲ್ಲಿ ಅಧಿಕಾರಿಗಳು, ಶಿಕ್ಷಕರು ಹಾಗೂ ಪೋಷಕರು ಉಪಸ್ಥಿತರಿದ್ದರು. ಜಿಲ್ಲೆಯ ಎಲ್ಲಾ ಶಾಲೆಗಳಲ್ಲಿ ಈ ಯೋಜನೆ ಅನುಷ್ಠಾನಗೊಳ್ಳಲಿದೆ ಎಂದು ಹೇಳಿದರು. ಸಮಾರಂಭದಲ್ಲಿ ಗಣ್ಯರು ಪಾಲ್ಗೊಂಡಿದ್ದರು.
ಚಿತ್ರದುರ್ಗ: ನಗರದಲ್ಲಿ ನಡೆದ ಕಾರ್ಯಕ್ರಮದಲ್ಲಿ ಭಾಗವಹಿಸಿ ಮಾತನಾಡಿದ ಅವರು ಶಿಕ್ಷಣ ಇಲಾಖೆಯಲ್ಲಿ ಹೊಸ ಯೋಜನೆಗಳನ್ನು ಜಾರಿಗೆ ತರಲಾಗಿದೆ ಎಂದು ತಿಳಿಸಿದರು. ಮಕ್ಕಳ ಭವಿಷ್ಯದ ದೃಷ್ಟಿಯಿಂದ ಸರ್ಕಾರ ಹಲವು ಕ್ರಮಗಳನ್ನು ಕೈಗೊಂಡಿದೆ. ಗ್ರಾಮೀಣ ಭಾಗದ ವಿದ್ಯಾರ್ಥಿಗಳಿಗೆ ಗುಣಮಟ್ಟದ ಶಿಕ್ಷಣ ನೀಡಲು ಎಲ್ಲರೂ ಸಹಕರಿಸಬೇಕು. ಕಾರ್ಯಕ್ರಮದಲ್ಲಿ ಅಧಿಕಾರಿಗಳು, ಶಿಕ್ಷಕರು ಹಾಗೂ ಪೋಷಕರು ಉಪಸ್ಥಿತರಿದ್ದರು. ಜಿಲ್ಲೆಯ ಎಲ್ಲಾ ಶಾಲೆಗಳಲ್ಲಿ ಈ ಯೋಜನೆ ಅನುಷ್ಠಾನಗೊಳ್ಳಲಿದೆ ಎಂದು ಹೇಳಿದರು. ಸಮಾರಂಭದಲ್ಲಿ ಗಣ್ಯರು ಪಾಲ್ಗೊಂಡಿದ್ದರು.
ಸಾಮಾಜಿಕ ನ್ಯಾಯಕ್ಕಾಗಿ ಹೋರಾಟ ಮುಂದುವರಿಕೆ
ಚಿತ್ರದುರ್ಗ: ನಗರದಲ್ಲಿ ನಡೆದ ಕಾರ್ಯಕ್ರಮದಲ್ಲಿ ಭಾಗವಹಿಸಿ ಮಾತನಾಡಿದ ಅವರು ಶಿಕ್ಷಣ ಇಲಾಖೆಯಲ್ಲಿ ಹೊಸ ಯೋಜನೆಗಳನ್ನು ಜಾರಿಗೆ ತರಲಾಗಿದೆ ಎಂದು ತಿಳಿಸಿದರು. ಮಕ್ಕಳ ಭವಿಷ್ಯದ ದೃಷ್ಟಿಯಿಂದ ಸರ್ಕಾರ ಹಲವು ಕ್ರಮಗಳನ್ನು ಕೈಗೊಂಡಿದೆ. ಗ್ರಾಮೀಣ ಭಾಗದ ವಿದ್ಯಾರ್ಥಿಗಳಿಗೆ ಗುಣಮಟ್ಟದ ಶಿಕ್ಷಣ ನೀಡಲು ಎಲ್ಲರೂ ಸಹಕರಿಸಬೇಕು. ಕಾರ್ಯಕ್ರಮದಲ್ಲಿ ಅಧಿಕಾರಿಗಳು, ಶಿಕ್ಷಕರು ಹಾಗೂ ಪೋಷಕರು ಉಪಸ್ಥಿತರಿದ್ದರು. ಜಿಲ್ಲೆಯ ಎಲ್ಲಾ ಶಾಲೆಗಳಲ್ಲಿ ಈ ಯೋಜನೆ ಅನುಷ್ಠಾನಗೊಳ್ಳಲಿದೆ ಎಂದು ಹೇಳಿದರು. ಸಮಾರಂಭದಲ್ಲಿ ಗಣ್ಯರು ಪಾಲ್ಗೊಂಡಿದ್ದರು.
ಸರ್ಕಾರಿ ಪ್ರಕಟಣೆ
ಚಿತ್ರದುರ್ಗ: ನಗರದಲ್ಲಿ ನಡೆದ ಕಾರ್ಯಕ್ರಮದಲ್ಲಿ ಭಾಗವಹಿಸಿ ಮಾತನಾಡಿದ ಅವರು ಶಿಕ್ಷಣ ಇಲಾಖೆಯಲ್ಲಿ ಹೊಸ ಯೋಜನೆಗಳನ್ನು ಜಾರಿಗೆ ತರಲಾಗಿದೆ ಎಂದು ತಿಳಿಸಿದರು. ಮಕ್ಕಳ ಭವಿಷ್ಯದ ದೃಷ್ಟಿಯಿಂದ ಸರ್ಕಾರ ಹಲವು ಕ್ರಮಗಳನ್ನು ಕೈಗೊಂಡಿದೆ. ಗ್ರಾಮೀಣ ಭಾಗದ ವಿದ್ಯಾರ್ಥಿಗಳಿಗೆ ಗುಣಮಟ್ಟದ ಶಿಕ್ಷಣ ನೀಡಲು ಎಲ್ಲರೂ ಸಹಕರಿಸಬೇಕು. ಕಾರ್ಯಕ್ರಮದಲ್ಲಿ ಅಧಿಕಾರಿಗಳು, ಶಿಕ್ಷಕರು ಹಾಗೂ ಪೋಷಕರು ಉಪಸ್ಥಿತರಿದ್ದರು. ಜಿಲ್ಲೆಯ ಎಲ್ಲಾ ಶಾಲೆಗಳಲ್ಲಿ ಈ ಯೋಜನೆ ಅನುಷ್ಠಾನಗೊಳ್ಳಲಿದೆ ಎಂದು ಹೇಳಿದರು. ಸಮಾರಂಭದಲ್ಲಿ ಗಣ್ಯರು ಪಾಲ್ಗೊಂಡಿದ್ದರು.
ಜಿಲ್ಲಾ ಪಂಚಾಯತ್ ಮಾಹಿತಿ
ಚಿತ್ರದುರ್ಗ: ನಗರದಲ್ಲಿ ನಡೆದ ಕಾರ್ಯಕ್ರಮದಲ್ಲಿ ಭಾಗವಹಿಸಿ ಮಾತನಾಡಿದ ಅವರು ಶಿಕ್ಷಣ ಇಲಾಖೆಯಲ್ಲಿ ಹೊಸ ಯೋಜನೆಗಳನ್ನು ಜಾರಿಗೆ ತರಲಾಗಿದೆ ಎಂದು ತಿಳಿಸಿದರು. ಮಕ್ಕಳ ಭವಿಷ್ಯದ ದೃಷ್ಟಿಯಿಂದ ಸರ್ಕಾರ ಹಲವು ಕ್ರಮಗಳನ್ನು ಕೈಗೊಂಡಿದೆ. ಗ್ರಾಮೀಣ ಭಾಗದ ವಿದ್ಯಾರ್ಥಿಗಳಿಗೆ ಗುಣಮಟ್ಟದ ಶಿಕ್ಷಣ ನೀಡಲು ಎಲ್ಲರೂ ಸಹಕರಿಸಬೇಕು. ಕಾರ್ಯಕ್ರಮದಲ್ಲಿ ಅಧಿಕಾರಿಗಳು, ಶಿಕ್ಷಕರು ಹಾಗೂ ಪೋಷಕರು ಉಪಸ್ಥಿತರಿದ್ದರು. ಜಿಲ್ಲೆಯ ಎಲ್ಲಾ ಶಾಲೆಗಳಲ್ಲಿ ಈ ಯೋಜನೆ ಅನುಷ್ಠಾನಗೊಳ್ಳಲಿದೆ ಎಂದು ಹೇಳಿದರು. ಸಮಾರಂಭದಲ್ಲಿ ಗಣ್ಯರು ಪಾಲ್ಗೊಂಡಿದ್ದರು.
ಚಿತ್ರದುರ್ಗ: ನಗರದಲ್ಲಿ ನಡೆದ ಕಾರ್ಯಕ್ರಮದಲ್ಲಿ ಭಾಗವಹಿಸಿ ಮಾತನಾಡಿದ ಅವರು ಶಿಕ್ಷಣ ಇಲಾಖೆಯಲ್ಲಿ ಹೊಸ ಯೋಜನೆಗಳನ್ನು ಜಾರಿಗೆ ತರಲಾಗಿದೆ ಎಂದು ತಿಳಿಸಿದರು. ಮಕ್ಕಳ ಭವಿಷ್ಯದ ದೃಷ್ಟಿಯಿಂದ ಸರ್ಕಾರ ಹಲವು ಕ್ರಮಗಳನ್ನು ಕೈಗೊಂಡಿದೆ. ಗ್ರಾಮೀಣ ಭಾಗದ ವಿದ್ಯಾರ್ಥಿಗಳಿಗೆ ಗುಣಮಟ್ಟದ ಶಿಕ್ಷಣ ನೀಡಲು ಎಲ್ಲರೂ ಸಹಕರಿಸಬೇಕು. ಕಾರ್ಯಕ್ರಮದಲ್ಲಿ ಅಧಿಕಾರಿಗಳು, ಶಿಕ್ಷಕರು ಹಾಗೂ ಪೋಷಕರು ಉಪಸ್ಥಿತರಿದ್ದರು. ಜಿಲ್ಲೆಯ ಎಲ್ಲಾ ಶಾಲೆಗಳಲ್ಲಿ ಈ ಯೋಜನೆ ಅನುಷ್ಠಾನಗೊಳ್ಳಲಿದೆ ಎಂದು ಹೇಳಿದರು. ಸಮಾರಂಭದಲ್ಲಿ ಗಣ್ಯರು ಪಾಲ್ಗೊಂಡಿದ್ದರು.
ಚಿತ್ರದುರ್ಗ: ನಗರದಲ್ಲಿ ನಡೆದ ಕಾರ್ಯಕ್ರಮದಲ್ಲಿ ಭಾಗವಹಿಸಿ ಮಾತನಾಡಿದ ಅವರು ಶಿಕ್ಷಣ ಇಲಾಖೆಯಲ್ಲಿ ಹೊಸ ಯೋಜನೆಗಳನ್ನು ಜಾರಿಗೆ ತರಲಾಗಿದೆ ಎಂದು ತಿಳಿಸಿದರು. ಮಕ್ಕಳ ಭವಿಷ್ಯದ ದೃಷ್ಟಿಯಿಂದ ಸರ್ಕಾರ ಹಲವು ಕ್ರಮಗಳನ್ನು ಕೈಗೊಂಡಿದೆ. ಗ್ರಾಮೀಣ ಭಾಗದ ವಿದ್ಯಾರ್ಥಿಗಳಿಗೆ ಗುಣಮಟ್ಟದ ಶಿಕ್ಷಣ ನೀಡಲು ಎಲ್ಲರೂ ಸಹಕರಿಸಬೇಕು. ಕಾರ್ಯಕ್ರಮದಲ್ಲಿ ಅಧಿಕಾರಿಗಳು, ಶಿಕ್ಷಕರು ಹಾಗೂ ಪೋಷಕರು ಉಪಸ್ಥಿತರಿದ್ದರು. ಜಿಲ್ಲೆಯ ಎಲ್ಲಾ ಶಾಲೆಗಳಲ್ಲಿ ಈ ಯೋಜನೆ ಅನುಷ್ಠಾನಗೊಳ್ಳಲಿದೆ ಎಂದು ಹೇಳಿದರು. ಸಮಾರಂಭದಲ್ಲಿ ಗಣ್ಯರು ಪಾಲ್ಗೊಂಡಿದ್ದರು.
ಗ್ರಾಮ ಪಂಚಾಯತಿ ಕಾರ್ಯಾಲಯ
ಚಿತ್ರದುರ್ಗ: ನಗರದಲ್ಲಿ ನಡೆದ ಕಾರ್ಯಕ್ರಮದಲ್ಲಿ ಭಾಗವಹಿಸಿ ಮಾತನಾಡಿದ ಅವರು ಶಿಕ್ಷಣ ಇಲಾಖೆಯಲ್ಲಿ ಹೊಸ ಯೋಜನೆಗಳನ್ನು ಜಾರಿಗೆ ತರಲಾಗಿದೆ ಎಂದು ತಿಳಿಸಿದರು. ಮಕ್ಕಳ ಭವಿಷ್ಯದ ದೃಷ್ಟಿಯಿಂದ ಸರ್ಕಾರ ಹಲವು ಕ್ರಮಗಳನ್ನು ಕೈಗೊಂಡಿದೆ. ಗ್ರಾಮೀಣ ಭಾಗದ ವಿದ್ಯಾರ್ಥಿಗಳಿಗೆ ಗುಣಮಟ್ಟದ ಶಿಕ್ಷಣ ನೀಡಲು ಎಲ್ಲರೂ ಸಹಕರಿಸಬೇಕು. ಕಾರ್ಯಕ್ರಮದಲ್ಲಿ ಅಧಿಕಾರಿಗಳು, ಶಿಕ್ಷಕರು ಹಾಗೂ ಪೋಷಕರು ಉಪಸ್ಥಿತರಿದ್ದರು. ಜಿಲ್ಲೆಯ ಎಲ್ಲಾ ಶಾಲೆಗಳಲ್ಲಿ ಈ ಯೋಜನೆ ಅನುಷ್ಠಾನಗೊಳ್ಳಲಿದೆ ಎಂದು ಹೇಳಿದರು. ಸಮಾರಂಭದಲ್ಲಿ ಗಣ್ಯರು ಪಾಲ್ಗೊಂಡಿದ್ದರು.
ಜಾಹೀರಾತು ಪ್ರಕಟಣೆ
ಚಿತ್ರದುರ್ಗ: ನಗರದಲ್ಲಿ ನಡೆದ ಕಾರ್ಯಕ್ರಮದಲ್ಲಿ ಭಾಗವಹಿಸಿ ಮಾತನಾಡಿದ ಅವರು ಶಿಕ್ಷಣ ಇಲಾಖೆಯಲ್ಲಿ ಹೊಸ ಯೋಜನೆಗಳನ್ನು ಜಾರಿಗೆ ತರಲಾಗಿದೆ ಎಂದು ತಿಳಿಸಿದರು. ಮಕ್ಕಳ ಭವಿಷ್ಯದ ದೃಷ್ಟಿಯಿಂದ ಸರ್ಕಾರ ಹಲವು ಕ್ರಮಗಳನ್ನು ಕೈಗೊಂಡಿದೆ. ಗ್ರಾಮೀಣ ಭಾಗದ ವಿದ್ಯಾರ್ಥಿಗಳಿಗೆ ಗುಣಮಟ್ಟದ ಶಿಕ್ಷಣ ನೀಡಲು ಎಲ್ಲರೂ ಸಹಕರಿಸಬೇಕು. ಕಾರ್ಯಕ್ರಮದಲ್ಲಿ ಅಧಿಕಾರಿಗಳು, ಶಿಕ್ಷಕರು ಹಾಗೂ ಪೋಷಕರು ಉಪಸ್ಥಿತರಿದ್ದರು. ಜಿಲ್ಲೆಯ ಎಲ್ಲಾ ಶಾಲೆಗಳಲ್ಲಿ ಈ ಯೋಜನೆ ಅನುಷ್ಠಾನಗೊಳ್ಳಲಿದೆ ಎಂದು ಹೇಳಿದರು. ಸಮಾರಂಭದಲ್ಲಿ ಗಣ್ಯರು ಪಾಲ್ಗೊಂಡಿದ್ದರು.
